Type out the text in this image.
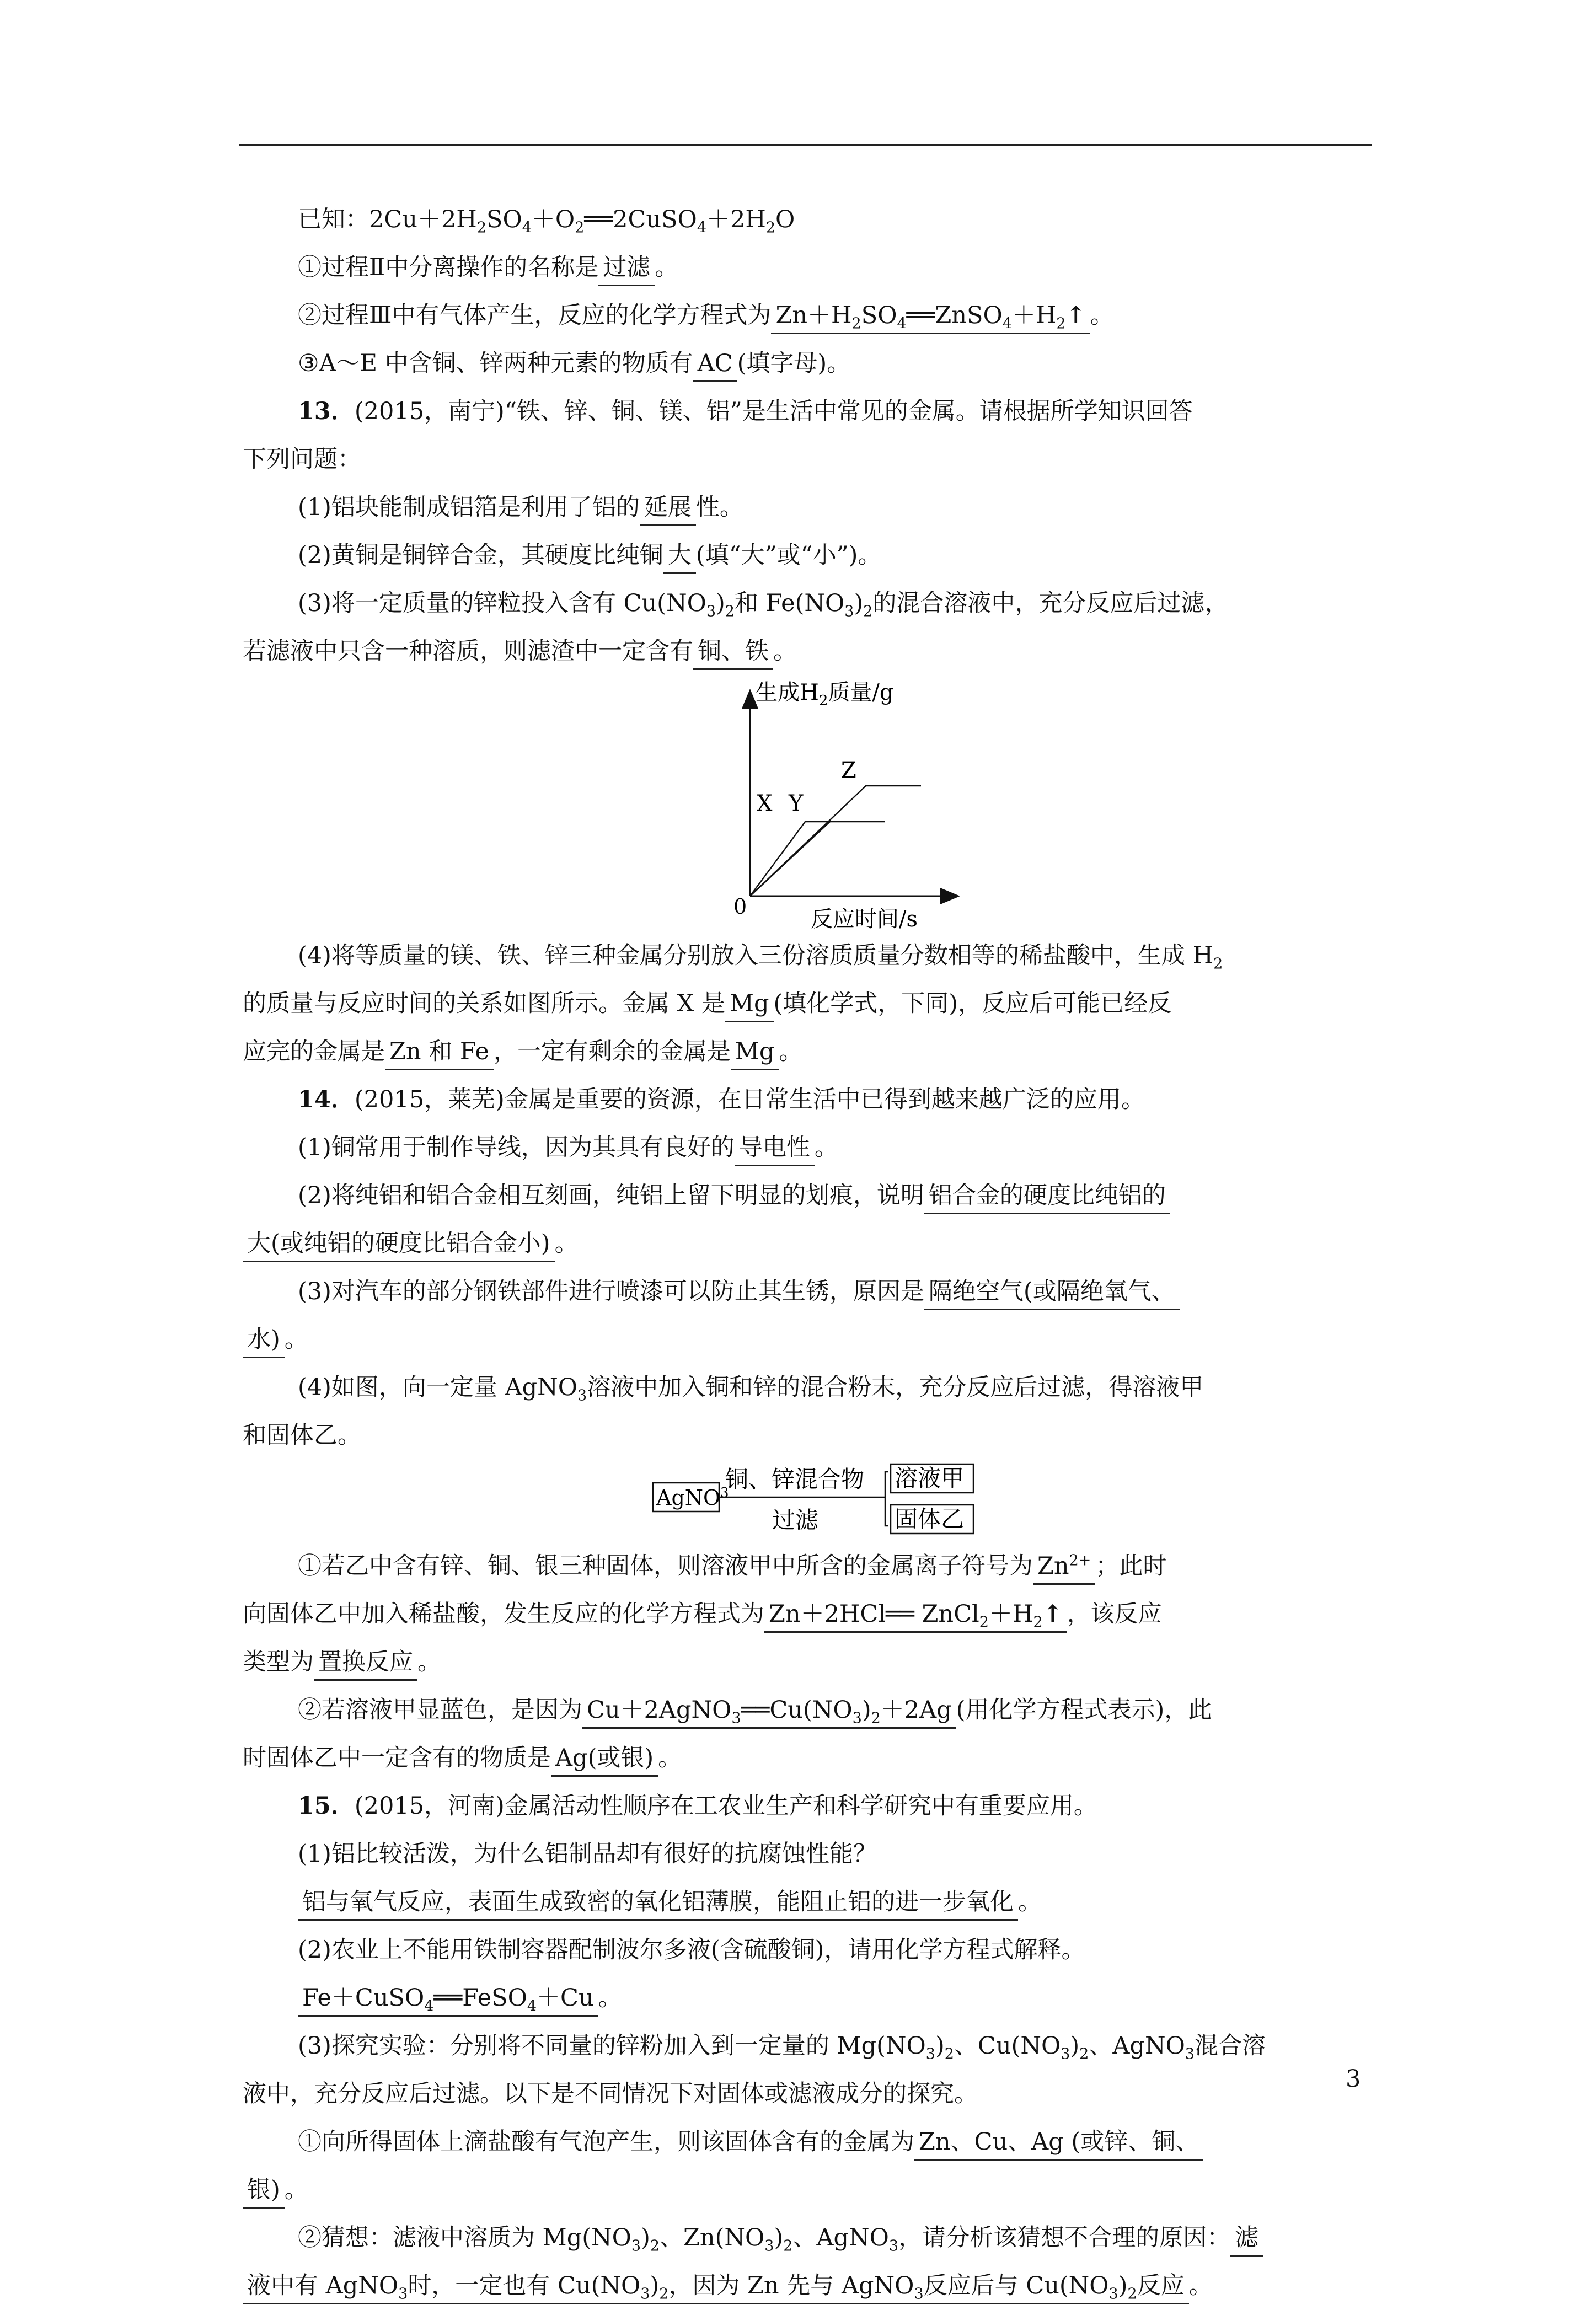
已知：$2Cu+2H_2SO_4+O_2══2CuSO_4+2H_2O$
①过程Ⅱ中分离操作的名称是 过滤 。
②过程Ⅲ中有气体产生，反应的化学方程式为 $Zn+H_2SO_4══ZnSO_4+H_2↑$ 。
③A～E 中含铜、锌两种元素的物质有 AC (填字母)。
13．(2015，南宁)“铁、锌、铜、镁、铝”是生活中常见的金属。请根据所学知识回答
下列问题：
(1)铝块能制成铝箔是利用了铝的 延展 性。
(2)黄铜是铜锌合金，其硬度比纯铜 大 (填“大”或“小”)。
(3)将一定质量的锌粒投入含有 $Cu(NO_3)_2$和 $Fe(NO_3)_2$的混合溶液中，充分反应后过滤，
若滤液中只含一种溶质，则滤渣中一定含有 铜、铁 。
生成$H_2$质量/g
反应时间/s
0
X Y
Z
(4)将等质量的镁、铁、锌三种金属分别放入三份溶质质量分数相等的稀盐酸中，生成 $H_2$
的质量与反应时间的关系如图所示。金属 X 是 Mg (填化学式，下同)，反应后可能已经反
应完的金属是 Zn 和 Fe ，一定有剩余的金属是 Mg 。
14．(2015，莱芜)金属是重要的资源，在日常生活中已得到越来越广泛的应用。
(1)铜常用于制作导线，因为其具有良好的 导电性 。
(2)将纯铝和铝合金相互刻画，纯铝上留下明显的划痕，说明 铝合金的硬度比纯铝的
大(或纯铝的硬度比铝合金小) 。
(3)对汽车的部分钢铁部件进行喷漆可以防止其生锈，原因是 隔绝空气(或隔绝氧气、
水) 。
(4)如图，向一定量 AgNO$_3$溶液中加入铜和锌的混合粉末，充分反应后过滤，得溶液甲
和固体乙。
AgNO$^3$
铜、锌混合物
过滤
溶液甲
固体乙
①若乙中含有锌、铜、银三种固体，则溶液甲中所含的金属离子符号为 $Zn^{2+}$ ；此时
向固体乙中加入稀盐酸，发生反应的化学方程式为 Zn＋2HCl══ $ZnCl_2+H_2↑$ ，该反应
类型为 置换反应 。
②若溶液甲显蓝色，是因为 $Cu+2AgNO_3══Cu(NO_3)_2+2Ag$ (用化学方程式表示)，此
时固体乙中一定含有的物质是 Ag(或银) 。
15．(2015，河南)金属活动性顺序在工农业生产和科学研究中有重要应用。
(1)铝比较活泼，为什么铝制品却有很好的抗腐蚀性能？
铝与氧气反应，表面生成致密的氧化铝薄膜，能阻止铝的进一步氧化 。
(2)农业上不能用铁制容器配制波尔多液(含硫酸铜)，请用化学方程式解释。
Fe＋CuSO$_4$══FeSO$_4$＋Cu 。
(3)探究实验：分别将不同量的锌粉加入到一定量的 $Mg(NO_3)_2$、$Cu(NO_3)_2$、AgNO$_3$混合溶
液中，充分反应后过滤。以下是不同情况下对固体或滤液成分的探究。
①向所得固体上滴盐酸有气泡产生，则该固体含有的金属为 Zn、Cu、Ag (或锌、铜、
银) 。
②猜想：滤液中溶质为 $Mg(NO_3)_2$、$Zn(NO_3)_2$、AgNO$_3$，请分析该猜想不合理的原因： 滤
液中有 AgNO$_3$时，一定也有 $Cu(NO_3)_2$，因为 Zn 先与 AgNO$_3$反应后与 $Cu(NO_3)_2$反应 。
3
